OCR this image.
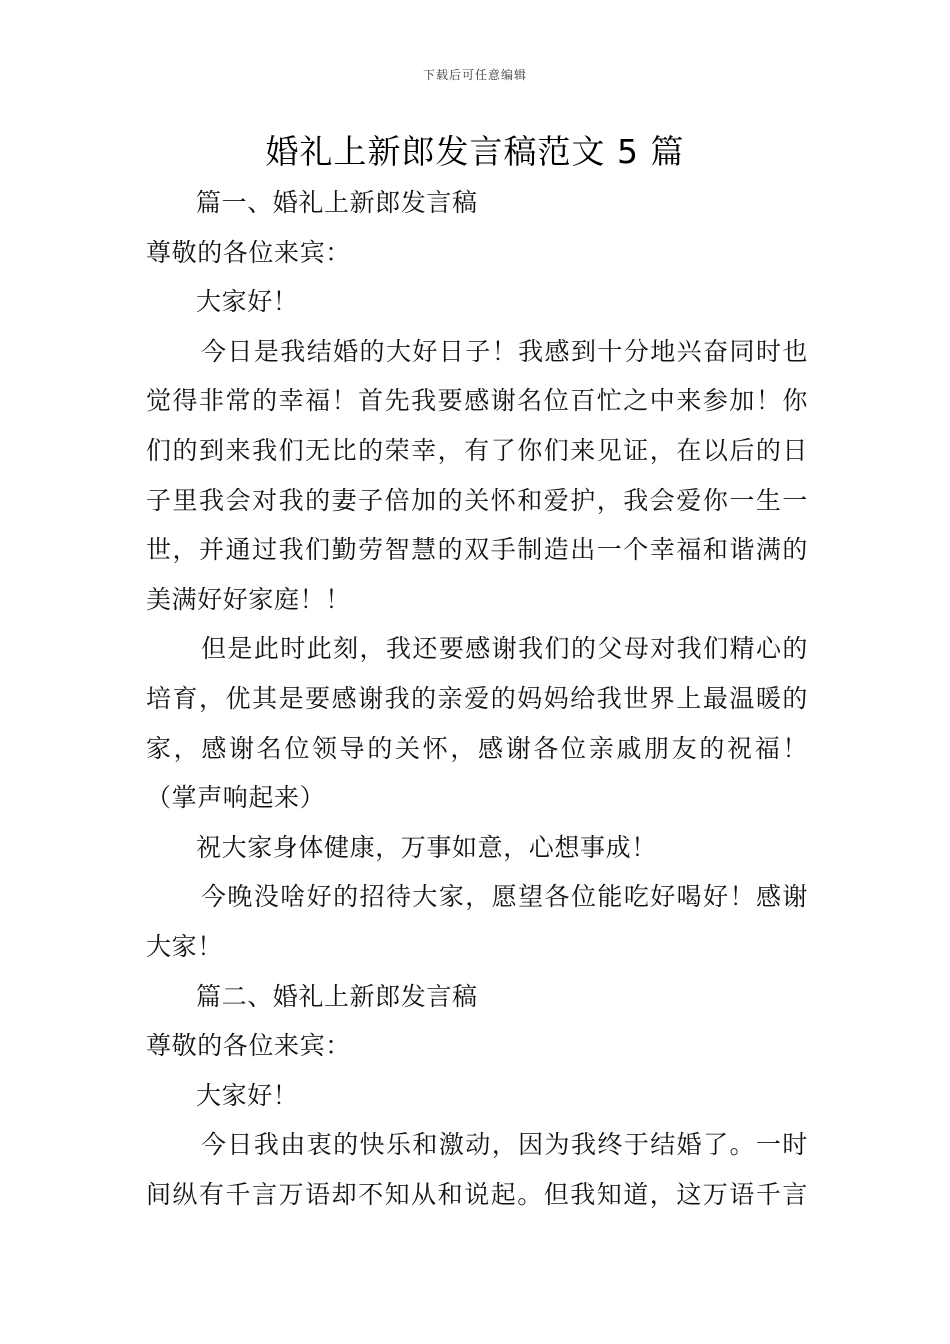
下载后可任意编辑
婚礼上新郎发言稿范文 5 篇
篇一、婚礼上新郎发言稿
尊敬的各位来宾：
大家好！
今日是我结婚的大好日子！我感到十分地兴奋同时也
觉得非常的幸福！首先我要感谢名位百忙之中来参加！你
们的到来我们无比的荣幸，有了你们来见证，在以后的日
子里我会对我的妻子倍加的关怀和爱护，我会爱你一生一
世，并通过我们勤劳智慧的双手制造出一个幸福和谐满的
美满好好家庭！！
但是此时此刻，我还要感谢我们的父母对我们精心的
培育，优其是要感谢我的亲爱的妈妈给我世界上最温暖的
家，感谢名位领导的关怀，感谢各位亲戚朋友的祝福！
（掌声响起来）
祝大家身体健康，万事如意，心想事成！
今晚没啥好的招待大家，愿望各位能吃好喝好！感谢
大家！
篇二、婚礼上新郎发言稿
尊敬的各位来宾：
大家好！
今日我由衷的快乐和激动，因为我终于结婚了。一时
间纵有千言万语却不知从和说起。但我知道，这万语千言
